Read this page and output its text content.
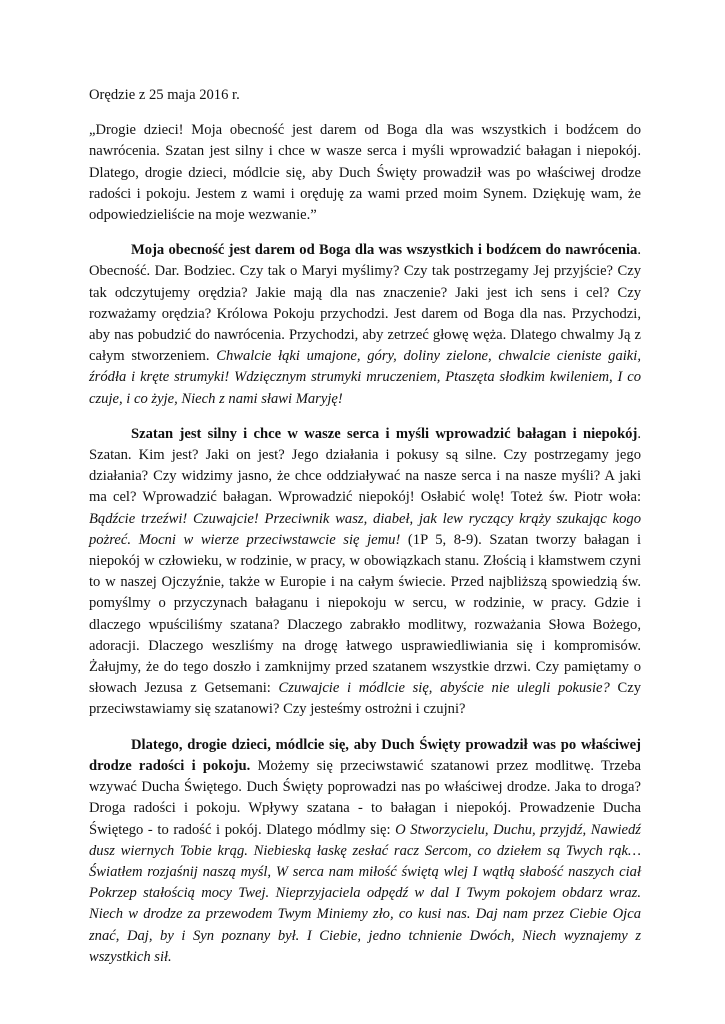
Orędzie z 25 maja 2016 r.

„Drogie dzieci! Moja obecność jest darem od Boga dla was wszystkich i bodźcem do nawrócenia. Szatan jest silny i chce w wasze serca i myśli wprowadzić bałagan i niepokój. Dlatego, drogie dzieci, módlcie się, aby Duch Święty prowadził was po właściwej drodze radości i pokoju. Jestem z wami i oręduję za wami przed moim Synem. Dziękuję wam, że odpowiedzieliście na moje wezwanie.”

Moja obecność jest darem od Boga dla was wszystkich i bodźcem do nawrócenia. Obecność. Dar. Bodziec. Czy tak o Maryi myślimy? Czy tak postrzegamy Jej przyjście? Czy tak odczytujemy orędzia? Jakie mają dla nas znaczenie? Jaki jest ich sens i cel? Czy rozważamy orędzia? Królowa Pokoju przychodzi. Jest darem od Boga dla nas. Przychodzi, aby nas pobudzić do nawrócenia. Przychodzi, aby zetrzeć głowę węża. Dlatego chwalmy Ją z całym stworzeniem. Chwalcie łąki umajone, góry, doliny zielone, chwalcie cieniste gaiki, źródła i kręte strumyki! Wdzięcznym strumyki mruczeniem, Ptaszęta słodkim kwileniem, I co czuje, i co żyje, Niech z nami sławi Maryję!

Szatan jest silny i chce w wasze serca i myśli wprowadzić bałagan i niepokój. Szatan. Kim jest? Jaki on jest? Jego działania i pokusy są silne. Czy postrzegamy jego działania? Czy widzimy jasno, że chce oddziaływać na nasze serca i na nasze myśli? A jaki ma cel? Wprowadzić bałagan. Wprowadzić niepokój! Osłabić wolę! Toteż św. Piotr woła: Bądźcie trzeźwi! Czuwajcie! Przeciwnik wasz, diabeł, jak lew ryczący krąży szukając kogo pożreć. Mocni w wierze przeciwstawcie się jemu! (1P 5, 8-9). Szatan tworzy bałagan i niepokój w człowieku, w rodzinie, w pracy, w obowiązkach stanu. Złością i kłamstwem czyni to w naszej Ojczyźnie, także w Europie i na całym świecie. Przed najbliższą spowiedzią św. pomyślmy o przyczynach bałaganu i niepokoju w sercu, w rodzinie, w pracy. Gdzie i dlaczego wpuściliśmy szatana? Dlaczego zabrakło modlitwy, rozważania Słowa Bożego, adoracji. Dlaczego weszliśmy na drogę łatwego usprawiedliwiania się i kompromisów. Żałujmy, że do tego doszło i zamknijmy przed szatanem wszystkie drzwi. Czy pamiętamy o słowach Jezusa z Getsemani: Czuwajcie i módlcie się, abyście nie ulegli pokusie? Czy przeciwstawiamy się szatanowi? Czy jesteśmy ostrożni i czujni?

Dlatego, drogie dzieci, módlcie się, aby Duch Święty prowadził was po właściwej drodze radości i pokoju. Możemy się przeciwstawić szatanowi przez modlitwę. Trzeba wzywać Ducha Świętego. Duch Święty poprowadzi nas po właściwej drodze. Jaka to droga? Droga radości i pokoju. Wpływy szatana - to bałagan i niepokój. Prowadzenie Ducha Świętego - to radość i pokój. Dlatego módlmy się: O Stworzycielu, Duchu, przyjdź, Nawiedź dusz wiernych Tobie krąg. Niebieską łaskę zesłać racz Sercom, co dziełem są Twych rąk… Światłem rozjaśnij naszą myśl, W serca nam miłość świętą wlej I wątłą słabość naszych ciał Pokrzep stałością mocy Twej. Nieprzyjaciela odpędź w dal I Twym pokojem obdarz wraz. Niech w drodze za przewodem Twym Miniemy zło, co kusi nas. Daj nam przez Ciebie Ojca znać, Daj, by i Syn poznany był. I Ciebie, jedno tchnienie Dwóch, Niech wyznajemy z wszystkich sił.
